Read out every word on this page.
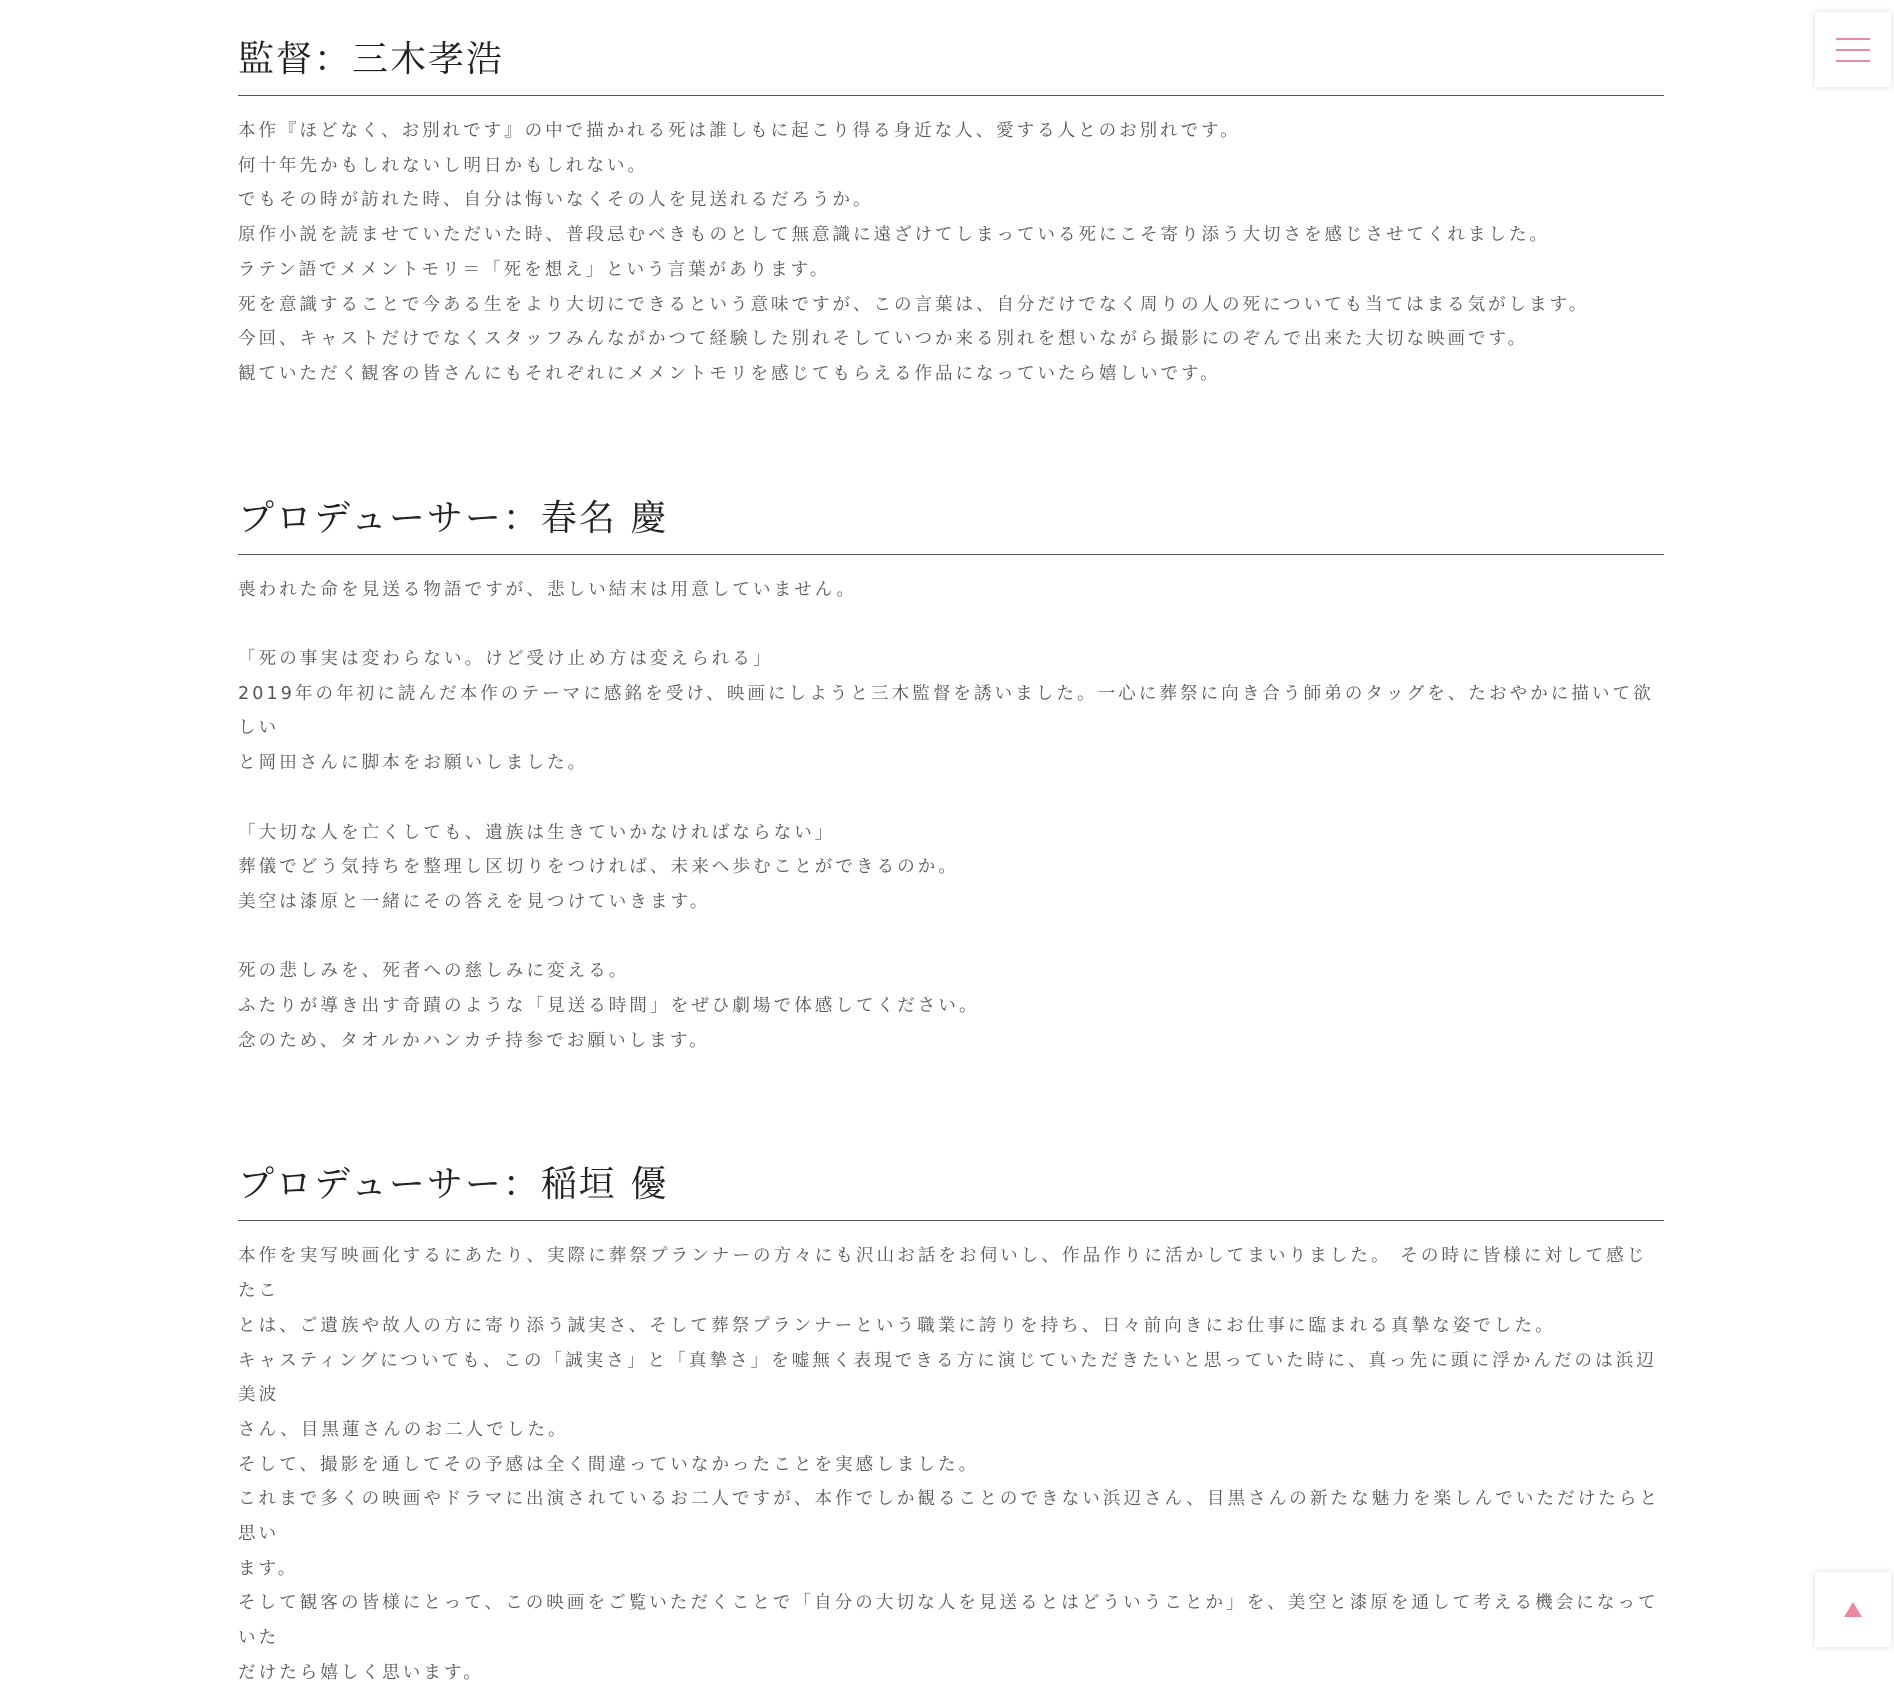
監督：三木孝浩

本作『ほどなく、お別れです』の中で描かれる死は誰しもに起こり得る身近な人、愛する人とのお別れです。

何十年先かもしれないし明日かもしれない。

でもその時が訪れた時、自分は悔いなくその人を見送れるだろうか。

原作小説を読ませていただいた時、普段忌むべきものとして無意識に遠ざけてしまっている死にこそ寄り添う大切さを感じさせてくれました。

ラテン語でメメントモリ＝「死を想え」という言葉があります。

死を意識することで今ある生をより大切にできるという意味ですが、この言葉は、自分だけでなく周りの人の死についても当てはまる気がします。

今回、キャストだけでなくスタッフみんながかつて経験した別れそしていつか来る別れを想いながら撮影にのぞんで出来た大切な映画です。

観ていただく観客の皆さんにもそれぞれにメメントモリを感じてもらえる作品になっていたら嬉しいです。

プロデューサー：春名 慶

喪われた命を見送る物語ですが、悲しい結末は用意していません。

「死の事実は変わらない。けど受け止め方は変えられる」

2019年の年初に読んだ本作のテーマに感銘を受け、映画にしようと三木監督を誘いました。一心に葬祭に向き合う師弟のタッグを、たおやかに描いて欲しい

と岡田さんに脚本をお願いしました。

「大切な人を亡くしても、遺族は生きていかなければならない」

葬儀でどう気持ちを整理し区切りをつければ、未来へ歩むことができるのか。

美空は漆原と一緒にその答えを見つけていきます。

死の悲しみを、死者への慈しみに変える。

ふたりが導き出す奇蹟のような「見送る時間」をぜひ劇場で体感してください。

念のため、タオルかハンカチ持参でお願いします。

プロデューサー：稲垣 優

本作を実写映画化するにあたり、実際に葬祭プランナーの方々にも沢山お話をお伺いし、作品作りに活かしてまいりました。 その時に皆様に対して感じたこ

とは、ご遺族や故人の方に寄り添う誠実さ、そして葬祭プランナーという職業に誇りを持ち、日々前向きにお仕事に臨まれる真摯な姿でした。

キャスティングについても、この「誠実さ」と「真摯さ」を嘘無く表現できる方に演じていただきたいと思っていた時に、真っ先に頭に浮かんだのは浜辺美波

さん、目黒蓮さんのお二人でした。

そして、撮影を通してその予感は全く間違っていなかったことを実感しました。

これまで多くの映画やドラマに出演されているお二人ですが、本作でしか観ることのできない浜辺さん、目黒さんの新たな魅力を楽しんでいただけたらと思い

ます。

そして観客の皆様にとって、この映画をご覧いただくことで「自分の大切な人を見送るとはどういうことか」を、美空と漆原を通して考える機会になっていた

だけたら嬉しく思います。
